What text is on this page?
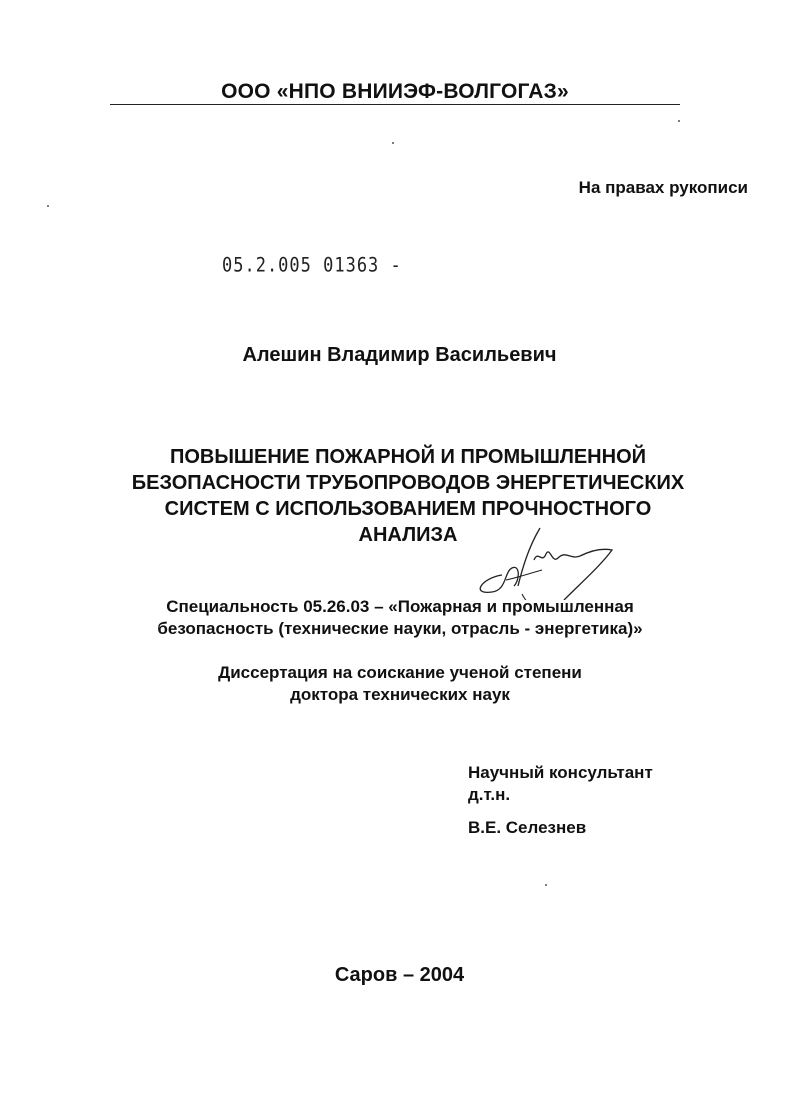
ООО «НПО ВНИИЭФ-ВОЛГОГАЗ»
На правах рукописи
05.2.005 01363 -
Алешин Владимир Васильевич
ПОВЫШЕНИЕ ПОЖАРНОЙ И ПРОМЫШЛЕННОЙ
БЕЗОПАСНОСТИ ТРУБОПРОВОДОВ ЭНЕРГЕТИЧЕСКИХ
СИСТЕМ С ИСПОЛЬЗОВАНИЕМ ПРОЧНОСТНОГО
АНАЛИЗА
Специальность 05.26.03 – «Пожарная и промышленная
безопасность (технические науки, отрасль - энергетика)»
Диссертация на соискание ученой степени
доктора технических наук
Научный консультант
д.т.н.
В.Е. Селезнев
Саров – 2004
